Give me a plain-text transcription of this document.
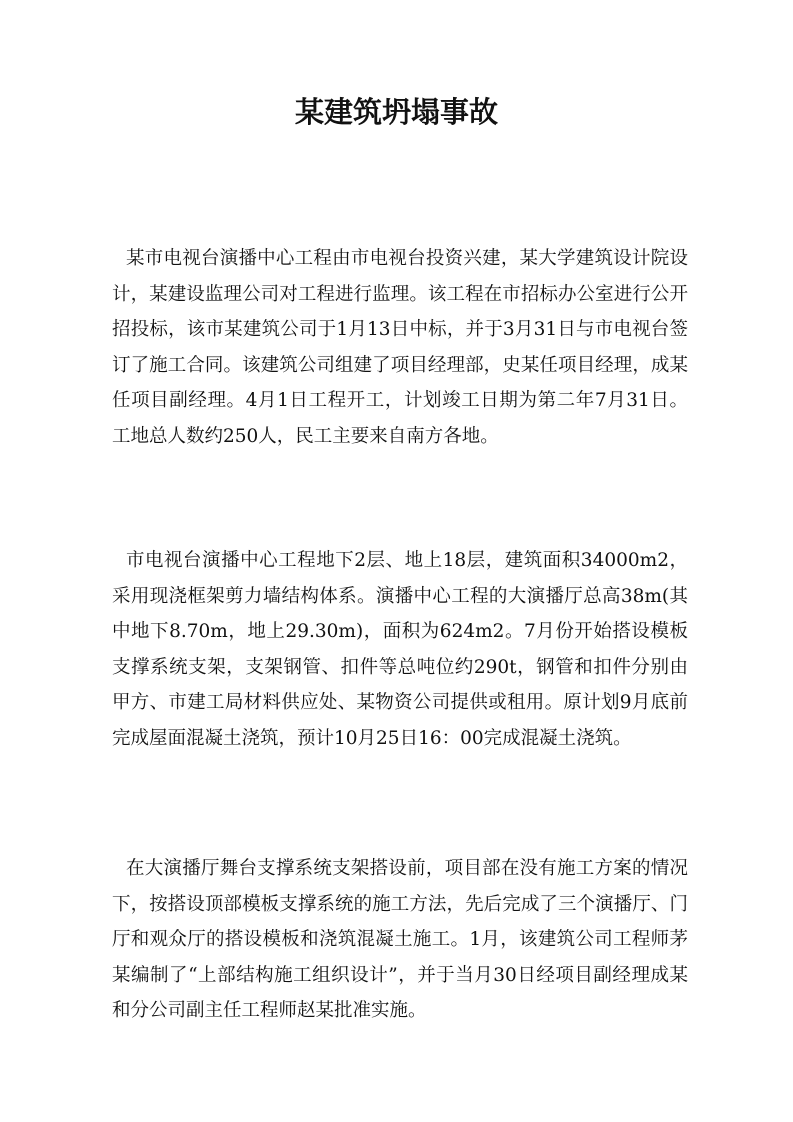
某建筑坍塌事故

某市电视台演播中心工程由市电视台投资兴建，某大学建筑设计院设计，某建设监理公司对工程进行监理。该工程在市招标办公室进行公开招投标，该市某建筑公司于1月13日中标，并于3月31日与市电视台签订了施工合同。该建筑公司组建了项目经理部，史某任项目经理，成某任项目副经理。4月1日工程开工，计划竣工日期为第二年7月31日。工地总人数约250人，民工主要来自南方各地。

市电视台演播中心工程地下2层、地上18层，建筑面积34000m2，采用现浇框架剪力墙结构体系。演播中心工程的大演播厅总高38m(其中地下8.70m，地上29.30m)，面积为624m2。7月份开始搭设模板支撑系统支架，支架钢管、扣件等总吨位约290t，钢管和扣件分别由甲方、市建工局材料供应处、某物资公司提供或租用。原计划9月底前完成屋面混凝土浇筑，预计10月25日16：00完成混凝土浇筑。

在大演播厅舞台支撑系统支架搭设前，项目部在没有施工方案的情况下，按搭设顶部模板支撑系统的施工方法，先后完成了三个演播厅、门厅和观众厅的搭设模板和浇筑混凝土施工。1月，该建筑公司工程师茅某编制了“上部结构施工组织设计”，并于当月30日经项目副经理成某和分公司副主任工程师赵某批准实施。
